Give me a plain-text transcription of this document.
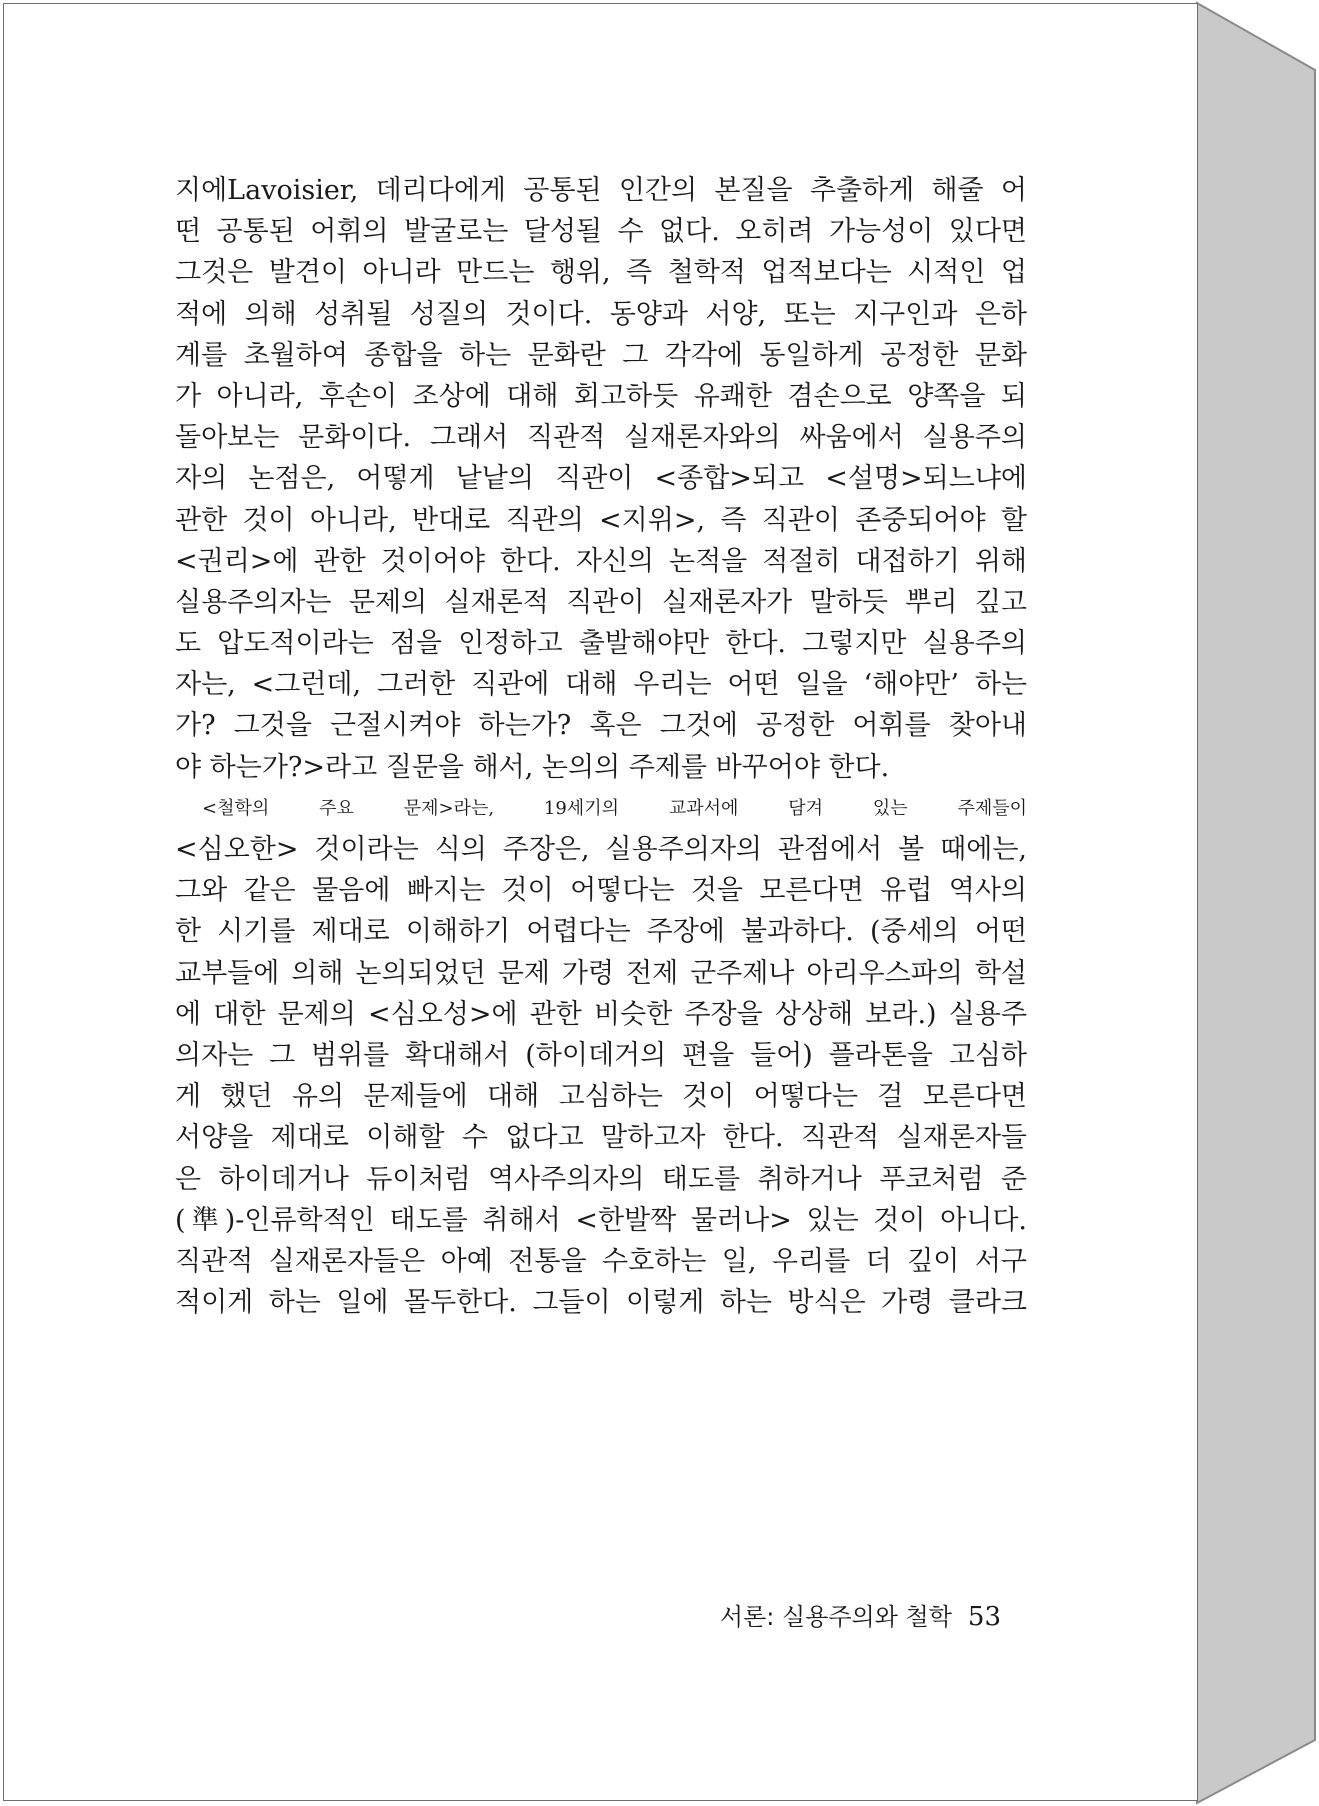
지에Lavoisier, 데리다에게 공통된 인간의 본질을 추출하게 해줄 어
떤 공통된 어휘의 발굴로는 달성될 수 없다. 오히려 가능성이 있다면
그것은 발견이 아니라 만드는 행위, 즉 철학적 업적보다는 시적인 업
적에 의해 성취될 성질의 것이다. 동양과 서양, 또는 지구인과 은하
계를 초월하여 종합을 하는 문화란 그 각각에 동일하게 공정한 문화
가 아니라, 후손이 조상에 대해 회고하듯 유쾌한 겸손으로 양쪽을 되
돌아보는 문화이다. 그래서 직관적 실재론자와의 싸움에서 실용주의
자의 논점은, 어떻게 낱낱의 직관이 <종합>되고 <설명>되느냐에
관한 것이 아니라, 반대로 직관의 <지위>, 즉 직관이 존중되어야 할
<권리>에 관한 것이어야 한다. 자신의 논적을 적절히 대접하기 위해
실용주의자는 문제의 실재론적 직관이 실재론자가 말하듯 뿌리 깊고
도 압도적이라는 점을 인정하고 출발해야만 한다. 그렇지만 실용주의
자는, <그런데, 그러한 직관에 대해 우리는 어떤 일을 ‘해야만’ 하는
가? 그것을 근절시켜야 하는가? 혹은 그것에 공정한 어휘를 찾아내
야 하는가?>라고 질문을 해서, 논의의 주제를 바꾸어야 한다.
<철학의 주요 문제>라는, 19세기의 교과서에 담겨 있는 주제들이
<심오한> 것이라는 식의 주장은, 실용주의자의 관점에서 볼 때에는,
그와 같은 물음에 빠지는 것이 어떻다는 것을 모른다면 유럽 역사의
한 시기를 제대로 이해하기 어렵다는 주장에 불과하다. (중세의 어떤
교부들에 의해 논의되었던 문제 가령 전제 군주제나 아리우스파의 학설
에 대한 문제의 <심오성>에 관한 비슷한 주장을 상상해 보라.) 실용주
의자는 그 범위를 확대해서 (하이데거의 편을 들어) 플라톤을 고심하
게 했던 유의 문제들에 대해 고심하는 것이 어떻다는 걸 모른다면
서양을 제대로 이해할 수 없다고 말하고자 한다. 직관적 실재론자들
은 하이데거나 듀이처럼 역사주의자의 태도를 취하거나 푸코처럼 준
(準)-인류학적인 태도를 취해서 <한발짝 물러나> 있는 것이 아니다.
직관적 실재론자들은 아예 전통을 수호하는 일, 우리를 더 깊이 서구
적이게 하는 일에 몰두한다. 그들이 이렇게 하는 방식은 가령 클라크
서론: 실용주의와 철학 53
